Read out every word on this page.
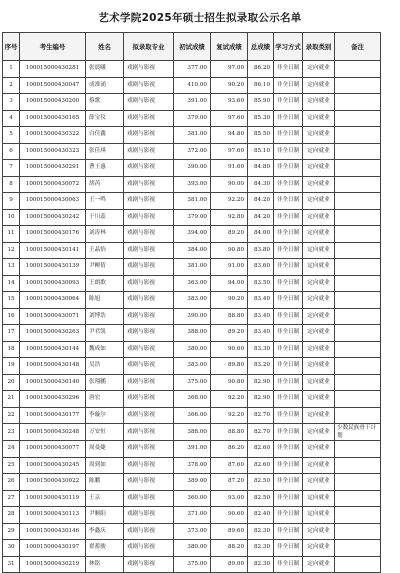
艺术学院2025年硕士招生拟录取公示名单
序号	考生编号	姓名	拟录取专业	初试成绩	复试成绩	总成绩	学习方式	录取类别	备注
1	100015000430281	张晨曦	戏剧与影视	377.00	97.00	86.20	非全日制	定向就业	
2	100015000430047	成准涌	戏剧与影视	410.00	90.20	86.10	非全日制	定向就业	
3	100015000430200	蔡歌	戏剧与影视	391.00	93.60	85.90	非全日制	定向就业	
4	100015000430165	薛宝仪	戏剧与影视	379.00	97.60	85.30	非全日制	定向就业	
5	100015000430322	白佳鑫	戏剧与影视	381.00	94.80	85.50	非全日制	定向就业	
6	100015000430323	张佳琪	戏剧与影视	372.00	97.60	85.10	非全日制	定向就业	
7	100015000430291	曹王惠	戏剧与影视	390.00	91.60	84.80	非全日制	定向就业	
8	100015000430072	胡芮	戏剧与影视	393.00	90.00	84.30	非全日制	定向就业	
9	100015000430063	王一鸣	戏剧与影视	381.00	92.20	84.20	非全日制	定向就业	
10	100015000430242	于川蕊	戏剧与影视	379.00	92.80	84.20	非全日制	定向就业	
11	100015000430176	刘涛林	戏剧与影视	394.00	89.20	84.00	非全日制	定向就业	
12	100015000430141	王晶怡	戏剧与影视	384.00	90.80	83.80	非全日制	定向就业	
13	100015000430139	尹柳倩	戏剧与影视	381.00	91.00	83.60	非全日制	定向就业	
14	100015000430093	王朗歌	戏剧与影视	363.00	94.00	83.50	非全日制	定向就业	
15	100015000430064	陈旭	戏剧与影视	383.00	90.20	83.40	非全日制	定向就业	
16	100015000430071	刘博浩	戏剧与影视	390.00	88.80	83.40	非全日制	定向就业	
17	100015000430263	尹君凯	戏剧与影视	388.00	89.20	83.40	非全日制	定向就业	
18	100015000430144	魏成如	戏剧与影视	380.00	90.60	83.30	非全日制	定向就业	
19	100015000430148	吴浩	戏剧与影视	383.00	89.80	83.20	非全日制	定向就业	
20	100015000430140	张翔鹏	戏剧与影视	375.00	90.80	82.90	非全日制	定向就业	
21	100015000430296	唐宏	戏剧与影视	368.00	92.20	82.90	非全日制	定向就业	
22	100015000430177	李璇尔	戏剧与影视	366.00	92.20	82.70	非全日制	定向就业	
23	100015000430248	万安恒	戏剧与影视	388.00	88.80	82.70	非全日制	定向就业	少数民族骨干计划
24	100015000430077	周曼婕	戏剧与影视	391.00	86.20	82.60	非全日制	定向就业	
25	100015000430245	周到如	戏剧与影视	378.00	87.60	82.60	非全日制	定向就业	
26	100015000430022	陈鹏	戏剧与影视	389.00	87.20	82.50	非全日制	定向就业	
27	100015000430119	王京	戏剧与影视	360.00	93.00	82.50	非全日制	定向就业	
28	100015000430113	尹顺阳	戏剧与影视	371.00	90.60	82.40	非全日制	定向就业	
29	100015000430146	李鑫庆	戏剧与影视	373.00	89.60	82.30	非全日制	定向就业	
30	100015000430197	翟蓄骏	戏剧与影视	380.00	88.20	82.30	非全日制	定向就业	
31	100015000430219	林铭	戏剧与影视	375.00	89.00	82.30	非全日制	定向就业	
